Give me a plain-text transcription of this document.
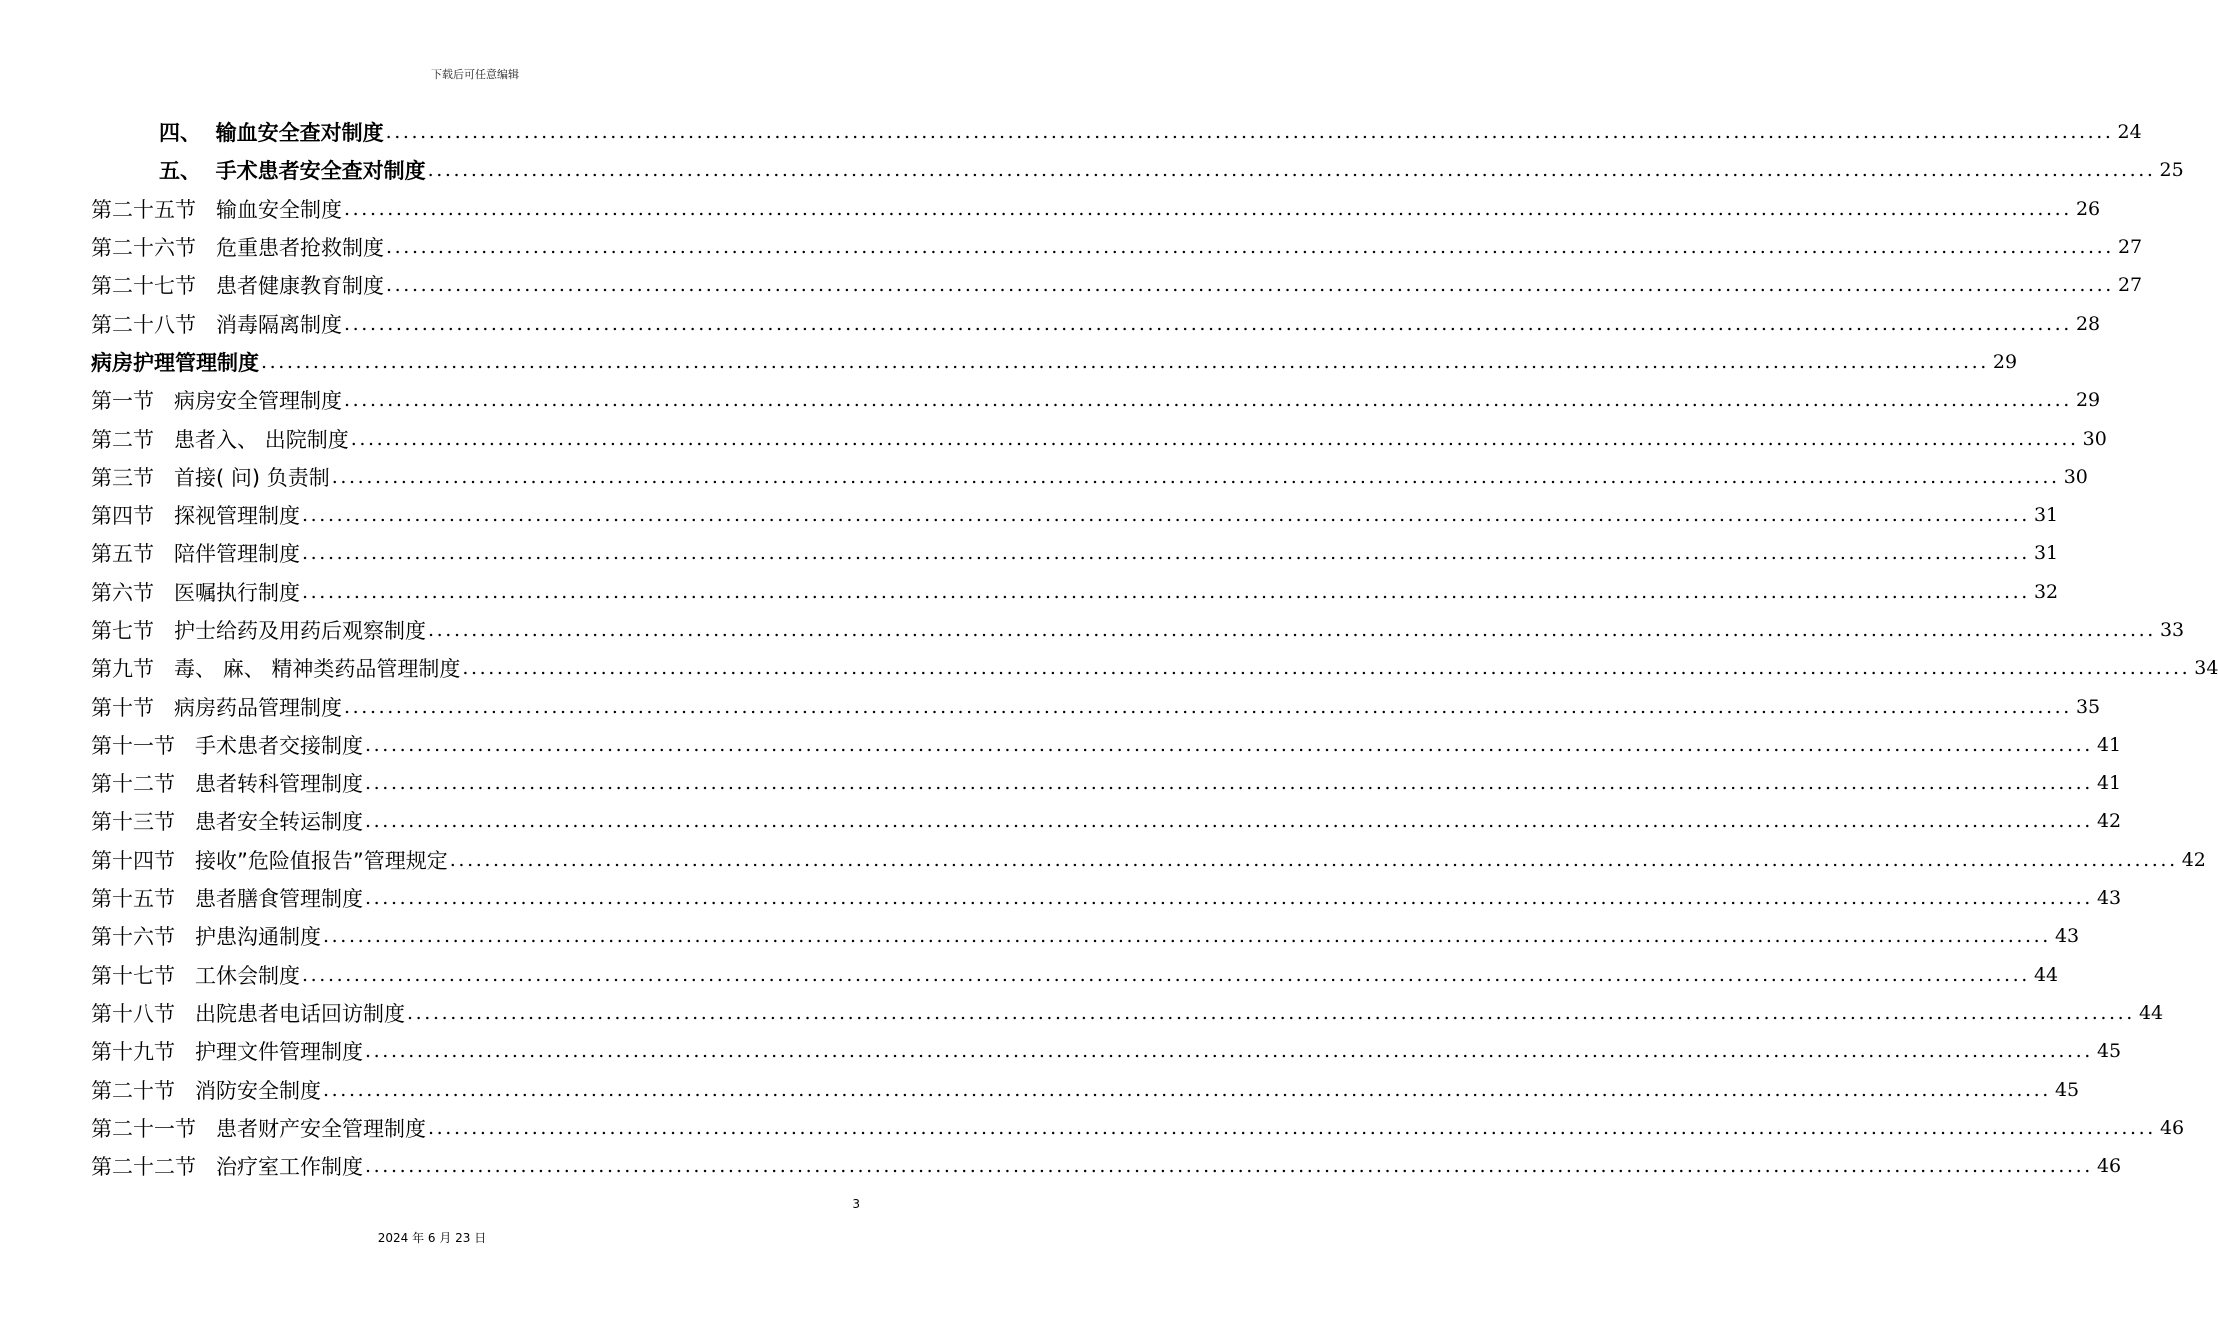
下载后可任意编辑
四、  输血安全查对制度 ........................................................................................................................................................................................................ 24
五、  手术患者安全查对制度 ........................................................................................................................................................................................................ 25
第二十五节   输血安全制度 ........................................................................................................................................................................................................ 26
第二十六节   危重患者抢救制度 ........................................................................................................................................................................................................ 27
第二十七节   患者健康教育制度 ........................................................................................................................................................................................................ 27
第二十八节   消毒隔离制度 ........................................................................................................................................................................................................ 28
病房护理管理制度 ........................................................................................................................................................................................................ 29
第一节   病房安全管理制度 ........................................................................................................................................................................................................ 29
第二节   患者入、 出院制度 ........................................................................................................................................................................................................ 30
第三节   首接( 问) 负责制 ........................................................................................................................................................................................................ 30
第四节   探视管理制度 ........................................................................................................................................................................................................ 31
第五节   陪伴管理制度 ........................................................................................................................................................................................................ 31
第六节   医嘱执行制度 ........................................................................................................................................................................................................ 32
第七节   护士给药及用药后观察制度 ........................................................................................................................................................................................................ 33
第九节   毒、 麻、 精神类药品管理制度 ........................................................................................................................................................................................................ 34
第十节   病房药品管理制度 ........................................................................................................................................................................................................ 35
第十一节   手术患者交接制度 ........................................................................................................................................................................................................ 41
第十二节   患者转科管理制度 ........................................................................................................................................................................................................ 41
第十三节   患者安全转运制度 ........................................................................................................................................................................................................ 42
第十四节   接收”危险值报告”管理规定 ........................................................................................................................................................................................................ 42
第十五节   患者膳食管理制度 ........................................................................................................................................................................................................ 43
第十六节   护患沟通制度 ........................................................................................................................................................................................................ 43
第十七节   工休会制度 ........................................................................................................................................................................................................ 44
第十八节   出院患者电话回访制度 ........................................................................................................................................................................................................ 44
第十九节   护理文件管理制度 ........................................................................................................................................................................................................ 45
第二十节   消防安全制度 ........................................................................................................................................................................................................ 45
第二十一节   患者财产安全管理制度 ........................................................................................................................................................................................................ 46
第二十二节   治疗室工作制度 ........................................................................................................................................................................................................ 46
3
2024 年 6 月 23 日
